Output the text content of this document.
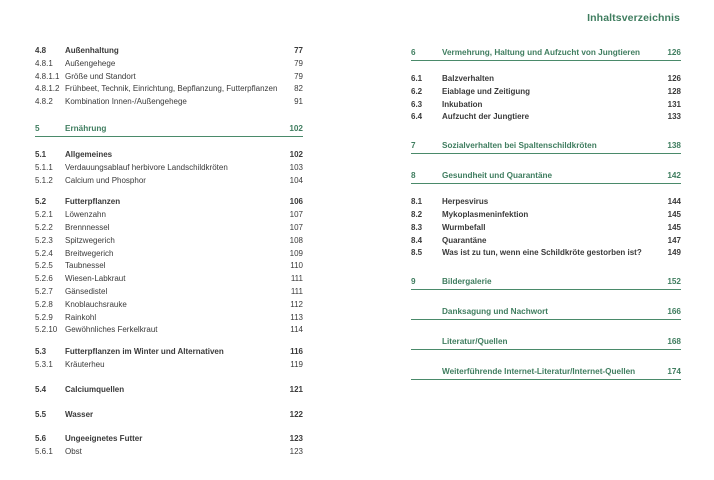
Inhaltsverzeichnis
4.8	Außenhaltung	77
4.8.1	Außengehege	79
4.8.1.1 Größe und Standort	79
4.8.1.2 Frühbeet, Technik, Einrichtung, Bepflanzung, Futterpflanzen	82
4.8.2	Kombination Innen-/Außengehege	91
5	Ernährung	102
5.1	Allgemeines	102
5.1.1	Verdauungsablauf herbivore Landschildkröten	103
5.1.2	Calcium und Phosphor	104
5.2	Futterpflanzen	106
5.2.1	Löwenzahn	107
5.2.2	Brennnessel	107
5.2.3	Spitzwegerich	108
5.2.4	Breitwegerich	109
5.2.5	Taubnessel	110
5.2.6	Wiesen-Labkraut	111
5.2.7	Gänsedistel	111
5.2.8	Knoblauchsrauke	112
5.2.9	Rainkohl	113
5.2.10 Gewöhnliches Ferkelkraut	114
5.3	Futterpflanzen im Winter und Alternativen	116
5.3.1	Kräuterheu	119
5.4	Calciumquellen	121
5.5	Wasser	122
5.6	Ungeeignetes Futter	123
5.6.1	Obst	123
6	Vermehrung, Haltung und Aufzucht von Jungtieren	126
6.1	Balzverhalten	126
6.2	Eiablage und Zeitigung	128
6.3	Inkubation	131
6.4	Aufzucht der Jungtiere	133
7	Sozialverhalten bei Spaltenschildkröten	138
8	Gesundheit und Quarantäne	142
8.1	Herpesvirus	144
8.2	Mykoplasmeninfektion	145
8.3	Wurmbefall	145
8.4	Quarantäne	147
8.5	Was ist zu tun, wenn eine Schildkröte gestorben ist?	149
9	Bildergalerie	152
Danksagung und Nachwort	166
Literatur/Quellen	168
Weiterführende Internet-Literatur/Internet-Quellen	174
